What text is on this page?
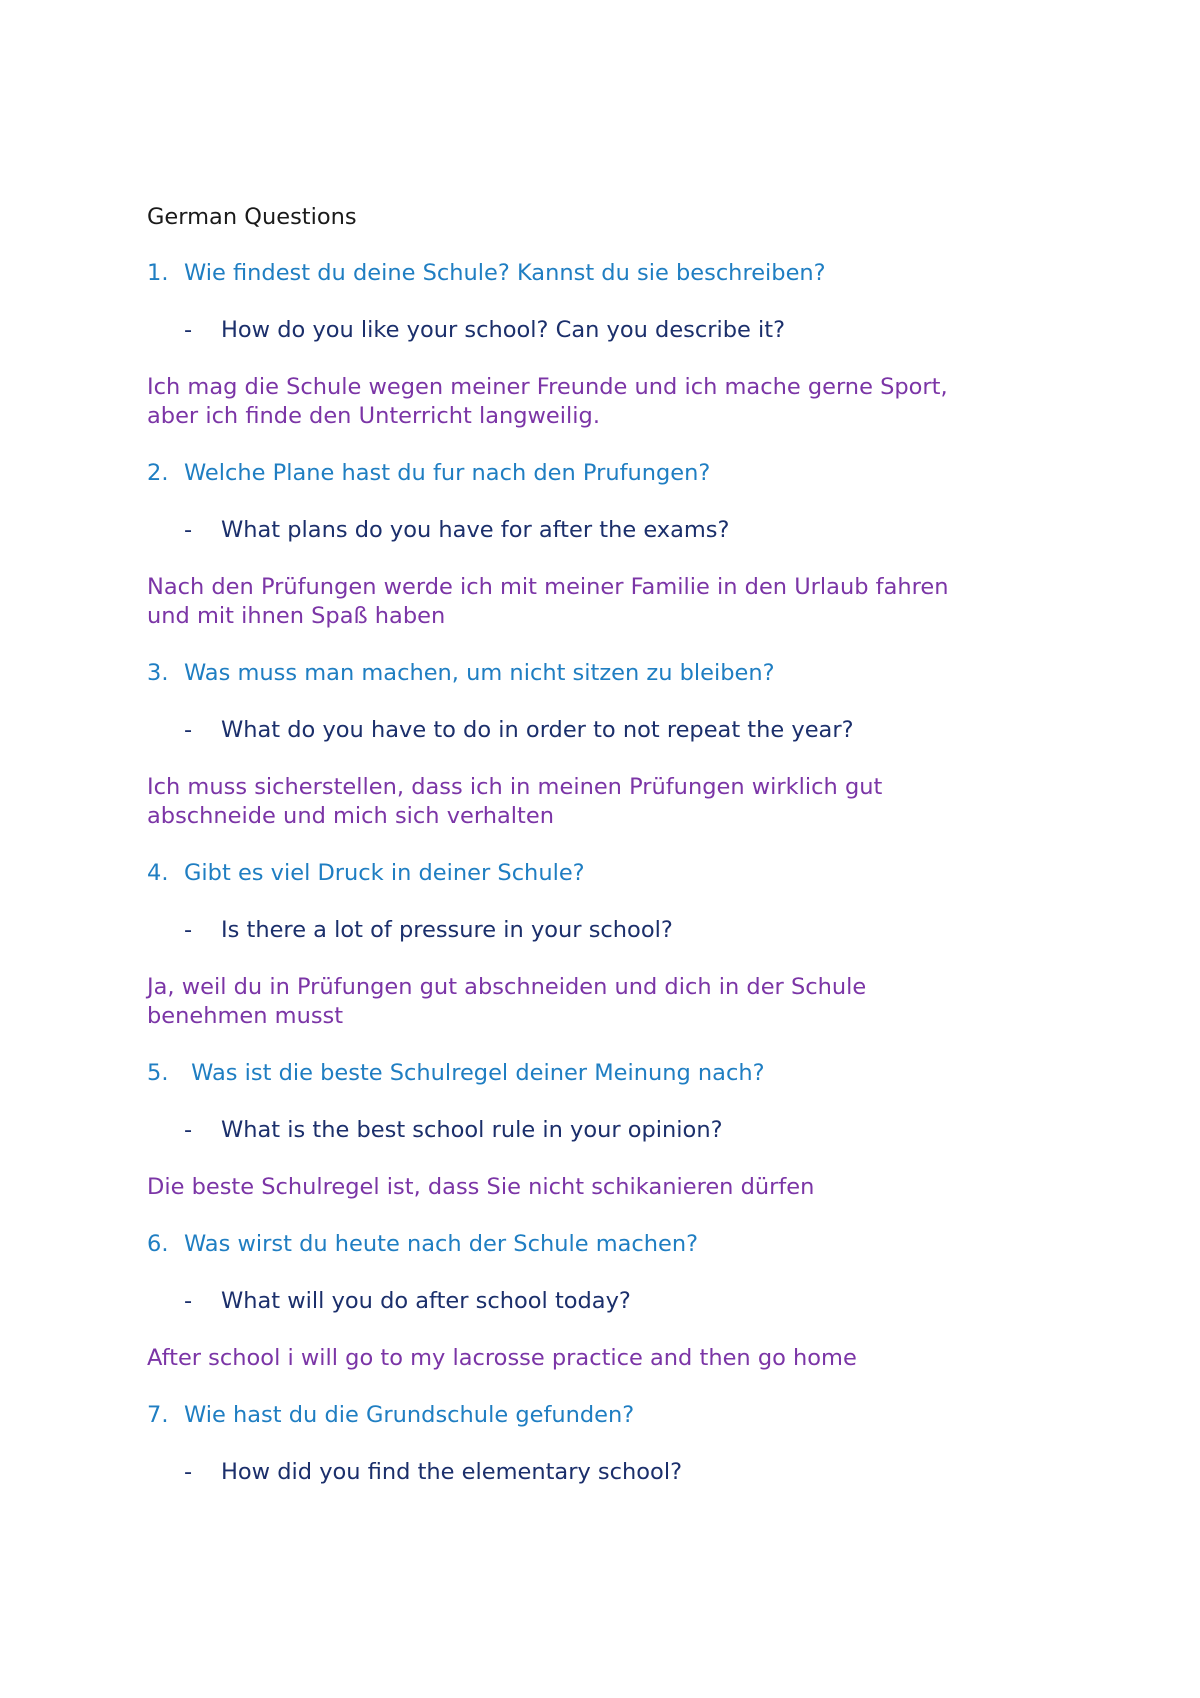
German Questions
1. Wie findest du deine Schule? Kannst du sie beschreiben?
- How do you like your school? Can you describe it?
Ich mag die Schule wegen meiner Freunde und ich mache gerne Sport,
aber ich finde den Unterricht langweilig.
2. Welche Plane hast du fur nach den Prufungen?
- What plans do you have for after the exams?
Nach den Prüfungen werde ich mit meiner Familie in den Urlaub fahren
und mit ihnen Spaß haben
3. Was muss man machen, um nicht sitzen zu bleiben?
- What do you have to do in order to not repeat the year?
Ich muss sicherstellen, dass ich in meinen Prüfungen wirklich gut
abschneide und mich sich verhalten
4. Gibt es viel Druck in deiner Schule?
- Is there a lot of pressure in your school?
Ja, weil du in Prüfungen gut abschneiden und dich in der Schule
benehmen musst
5. Was ist die beste Schulregel deiner Meinung nach?
- What is the best school rule in your opinion?
Die beste Schulregel ist, dass Sie nicht schikanieren dürfen
6. Was wirst du heute nach der Schule machen?
- What will you do after school today?
After school i will go to my lacrosse practice and then go home
7. Wie hast du die Grundschule gefunden?
- How did you find the elementary school?
